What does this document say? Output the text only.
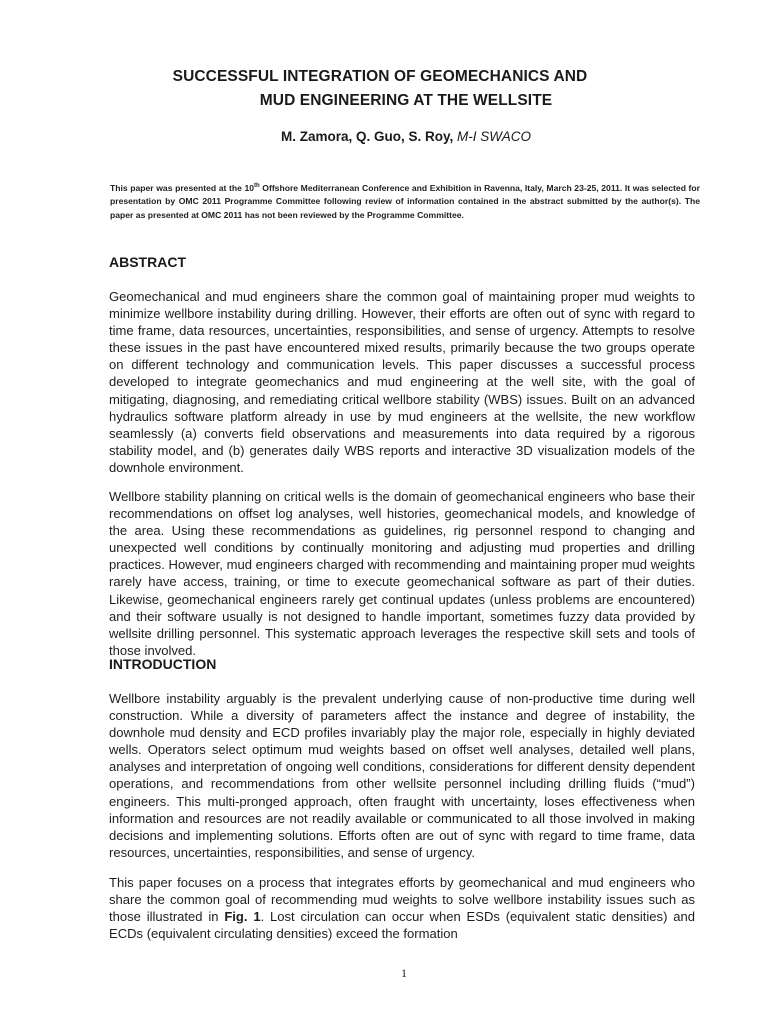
SUCCESSFUL INTEGRATION OF GEOMECHANICS AND
MUD ENGINEERING AT THE WELLSITE
M. Zamora, Q. Guo, S. Roy, M-I SWACO
This paper was presented at the 10th Offshore Mediterranean Conference and Exhibition in Ravenna, Italy, March 23-25, 2011. It was selected for presentation by OMC 2011 Programme Committee following review of information contained in the abstract submitted by the author(s). The paper as presented at OMC 2011 has not been reviewed by the Programme Committee.
ABSTRACT
Geomechanical and mud engineers share the common goal of maintaining proper mud weights to minimize wellbore instability during drilling. However, their efforts are often out of sync with regard to time frame, data resources, uncertainties, responsibilities, and sense of urgency. Attempts to resolve these issues in the past have encountered mixed results, primarily because the two groups operate on different technology and communication levels. This paper discusses a successful process developed to integrate geomechanics and mud engineering at the well site, with the goal of mitigating, diagnosing, and remediating critical wellbore stability (WBS) issues. Built on an advanced hydraulics software platform already in use by mud engineers at the wellsite, the new workflow seamlessly (a) converts field observations and measurements into data required by a rigorous stability model, and (b) generates daily WBS reports and interactive 3D visualization models of the downhole environment.
Wellbore stability planning on critical wells is the domain of geomechanical engineers who base their recommendations on offset log analyses, well histories, geomechanical models, and knowledge of the area. Using these recommendations as guidelines, rig personnel respond to changing and unexpected well conditions by continually monitoring and adjusting mud properties and drilling practices. However, mud engineers charged with recommending and maintaining proper mud weights rarely have access, training, or time to execute geomechanical software as part of their duties. Likewise, geomechanical engineers rarely get continual updates (unless problems are encountered) and their software usually is not designed to handle important, sometimes fuzzy data provided by wellsite drilling personnel. This systematic approach leverages the respective skill sets and tools of those involved.
INTRODUCTION
Wellbore instability arguably is the prevalent underlying cause of non-productive time during well construction. While a diversity of parameters affect the instance and degree of instability, the downhole mud density and ECD profiles invariably play the major role, especially in highly deviated wells. Operators select optimum mud weights based on offset well analyses, detailed well plans, analyses and interpretation of ongoing well conditions, considerations for different density dependent operations, and recommendations from other wellsite personnel including drilling fluids (“mud”) engineers. This multi-pronged approach, often fraught with uncertainty, loses effectiveness when information and resources are not readily available or communicated to all those involved in making decisions and implementing solutions. Efforts often are out of sync with regard to time frame, data resources, uncertainties, responsibilities, and sense of urgency.
This paper focuses on a process that integrates efforts by geomechanical and mud engineers who share the common goal of recommending mud weights to solve wellbore instability issues such as those illustrated in Fig. 1. Lost circulation can occur when ESDs (equivalent static densities) and ECDs (equivalent circulating densities) exceed the formation
1
